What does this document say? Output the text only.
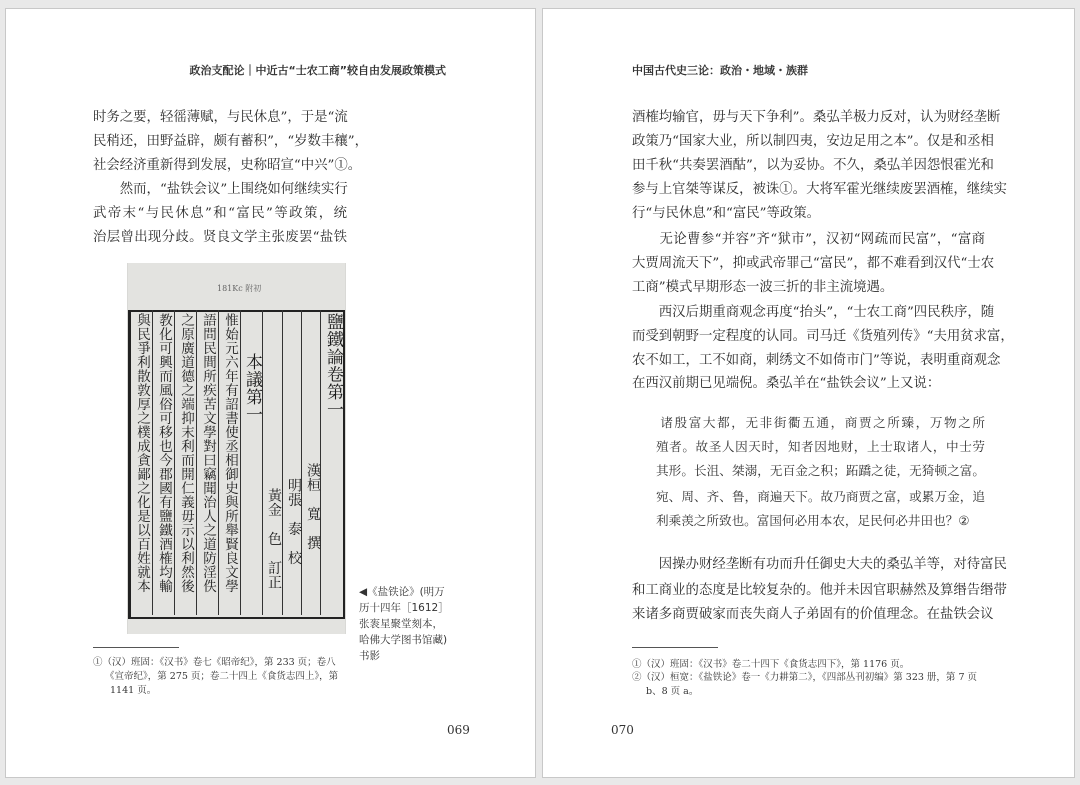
政治支配论｜中近古“士农工商”较自由发展政策模式
时务之要，轻徭薄赋，与民休息”，于是“流
民稍还，田野益辟，颇有蓄积”，“岁数丰穰”，
社会经济重新得到发展，史称昭宣“中兴”①。
　　然而，“盐铁会议”上围绕如何继续实行
武帝末“与民休息”和“富民”等政策，统
治层曾出现分歧。贤良文学主张废罢“盐铁
181Kc 附初
鹽鐵論卷第一
漢桓　寬　撰
明張　泰　校
黃金　色　訂正
本議第一
惟始元六年有詔書使丞相御史與所舉賢良文學
語問民間所疾苦文學對曰竊聞治人之道防淫佚
之原廣道德之端抑末利而開仁義毋示以利然後
教化可興而風俗可移也今郡國有鹽鐵酒榷均輸
與民爭利散敦厚之樸成貪鄙之化是以百姓就本	◀《盐铁论》(明万历十四年［1612］张袠星聚堂刻本，哈佛大学图书馆藏)书影
①（汉）班固：《汉书》卷七《昭帝纪》，第 233 页；卷八
《宣帝纪》，第 275 页；卷二十四上《食货志四上》，第
1141 页。
069
中国古代史三论：政治・地域・族群
酒榷均输官，毋与天下争利”。桑弘羊极力反对，认为财经垄断
政策乃“国家大业，所以制四夷，安边足用之本”。仅是和丞相
田千秋“共奏罢酒酤”，以为妥协。不久，桑弘羊因怨恨霍光和
参与上官桀等谋反，被诛①。大将军霍光继续废罢酒榷，继续实
行“与民休息”和“富民”等政策。
　　无论曹参“并容”齐“狱市”，汉初“网疏而民富”，“富商
大贾周流天下”，抑或武帝罪己“富民”，都不难看到汉代“士农
工商”模式早期形态一波三折的非主流境遇。
　　西汉后期重商观念再度“抬头”，“士农工商”四民秩序，随
而受到朝野一定程度的认同。司马迁《货殖列传》“夫用贫求富，
农不如工，工不如商，刺绣文不如倚市门”等说，表明重商观念
在西汉前期已见端倪。桑弘羊在“盐铁会议”上又说：
　　诸殷富大都，无非街衢五通，商贾之所臻，万物之所
殖者。故圣人因天时，知者因地财，上士取诸人，中士劳
其形。长沮、桀溺，无百金之积；跖蹻之徒，无猗顿之富。
宛、周、齐、鲁，商遍天下。故乃商贾之富，或累万金，追
利乘羡之所致也。富国何必用本农，足民何必井田也？②
　　因操办财经垄断有功而升任御史大夫的桑弘羊等，对待富民
和工商业的态度是比较复杂的。他并未因官职赫然及算缗告缗带
来诸多商贾破家而丧失商人子弟固有的价值理念。在盐铁会议
①（汉）班固：《汉书》卷二十四下《食货志四下》，第 1176 页。
②（汉）桓宽：《盐铁论》卷一《力耕第二》，《四部丛刊初编》第 323 册，第 7 页
b、8 页 a。
070
